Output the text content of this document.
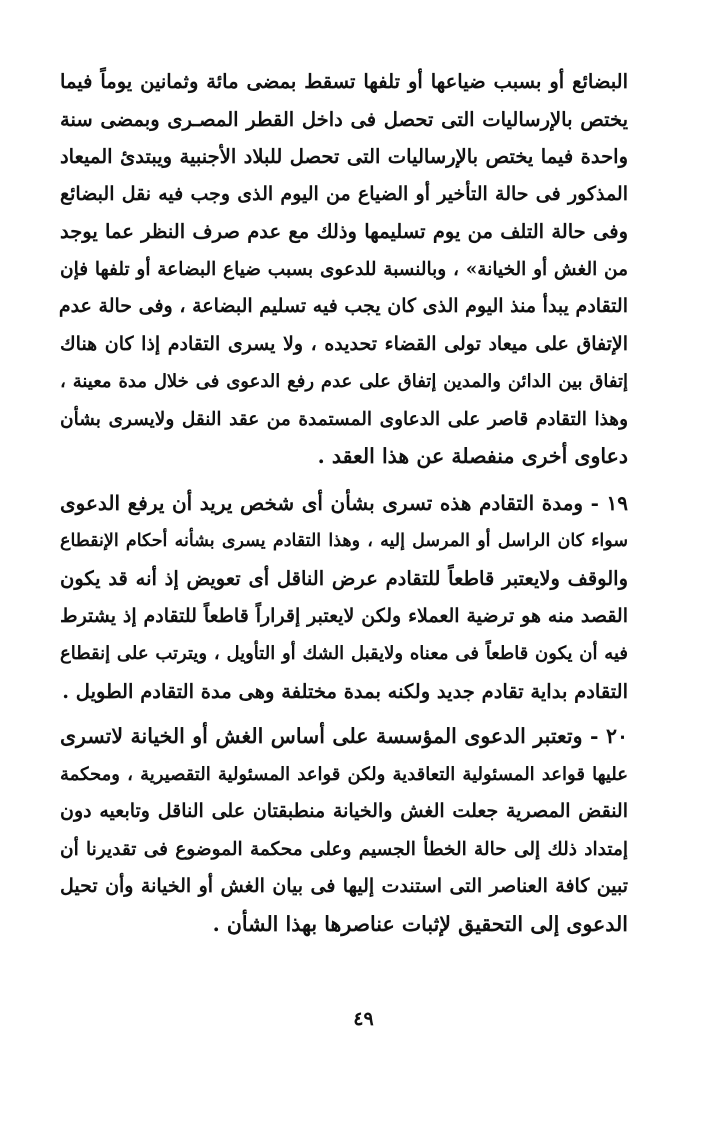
البضائع أو بسبب ضياعها أو تلفها تسقط بمضى مائة وثمانين يوماً فيما
يختص بالإرساليات التى تحصل فى داخل القطر المصـرى وبمضى سنة
واحدة فيما يختص بالإرساليات التى تحصل للبلاد الأجنبية ويبتدئ الميعاد
المذكور فى حالة التأخير أو الضياع من اليوم الذى وجب فيه نقل البضائع
وفى حالة التلف من يوم تسليمها وذلك مع عدم صرف النظر عما يوجد
من الغش أو الخيانة» ، وبالنسبة للدعوى بسبب ضياع البضاعة أو تلفها فإن
التقادم يبدأ منذ اليوم الذى كان يجب فيه تسليم البضاعة ، وفى حالة عدم
الإتفاق على ميعاد تولى القضاء تحديده ، ولا يسرى التقادم إذا كان هناك
إتفاق بين الدائن والمدين إتفاق على عدم رفع الدعوى فى خلال مدة معينة ،
وهذا التقادم قاصر على الدعاوى المستمدة من عقد النقل ولايسرى بشأن
دعاوى أخرى منفصلة عن هذا العقد .
١٩ - ومدة التقادم هذه تسرى بشأن أى شخص يريد أن يرفع الدعوى
سواء كان الراسل أو المرسل إليه ، وهذا التقادم يسرى بشأنه أحكام الإنقطاع
والوقف ولايعتبر قاطعاً للتقادم عرض الناقل أى تعويض إذ أنه قد يكون
القصد منه هو ترضية العملاء ولكن لايعتبر إقراراً قاطعاً للتقادم إذ يشترط
فيه أن يكون قاطعاً فى معناه ولايقبل الشك أو التأويل ، ويترتب على إنقطاع
التقادم بداية تقادم جديد ولكنه بمدة مختلفة وهى مدة التقادم الطويل .
٢٠ - وتعتبر الدعوى المؤسسة على أساس الغش أو الخيانة لاتسرى
عليها قواعد المسئولية التعاقدية ولكن قواعد المسئولية التقصيرية ، ومحكمة
النقض المصرية جعلت الغش والخيانة منطبقتان على الناقل وتابعيه دون
إمتداد ذلك إلى حالة الخطأ الجسيم وعلى محكمة الموضوع فى تقديرنا أن
تبين كافة العناصر التى استندت إليها فى بيان الغش أو الخيانة وأن تحيل
الدعوى إلى التحقيق لإثبات عناصرها بهذا الشأن .
٤٩
